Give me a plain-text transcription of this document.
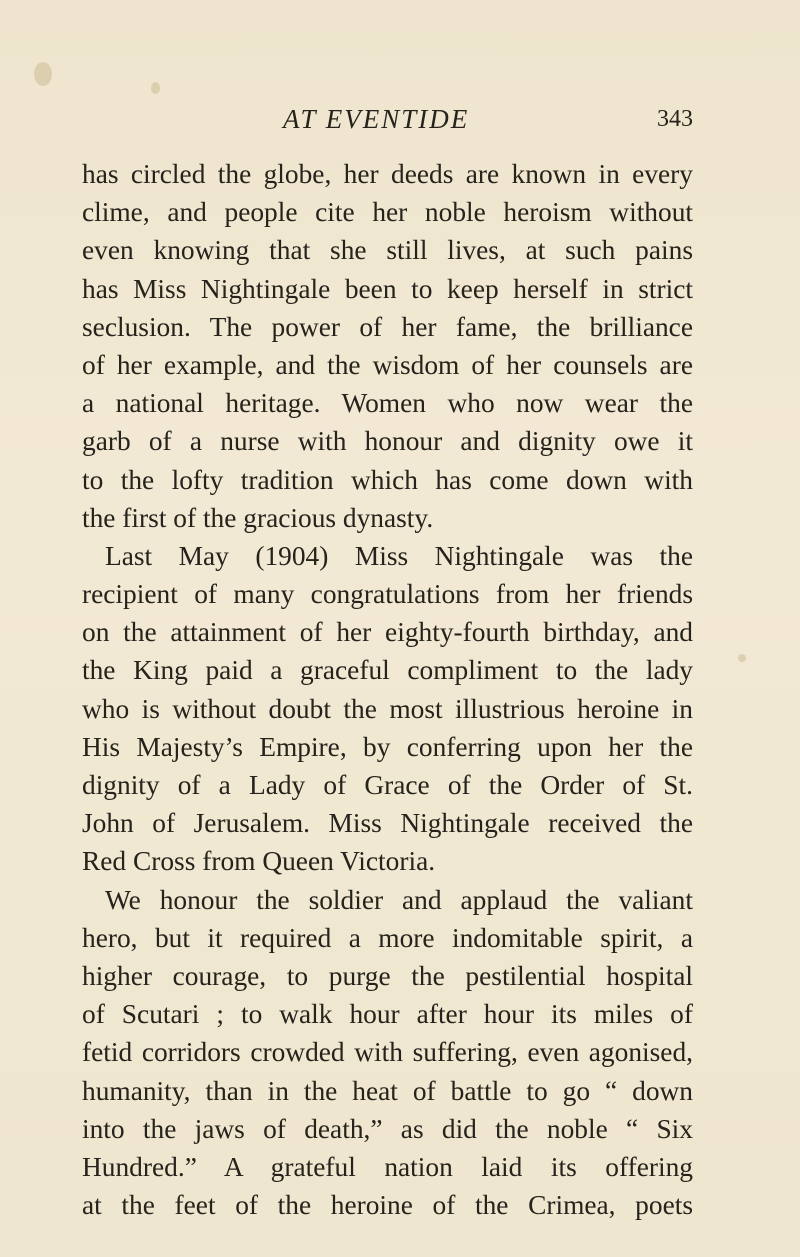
AT EVENTIDE	343
has circled the globe, her deeds are known in every
clime, and people cite her noble heroism without
even knowing that she still lives, at such pains
has Miss Nightingale been to keep herself in strict
seclusion. The power of her fame, the brilliance
of her example, and the wisdom of her counsels are
a national heritage. Women who now wear the
garb of a nurse with honour and dignity owe it
to the lofty tradition which has come down with
the first of the gracious dynasty.
Last May (1904) Miss Nightingale was the
recipient of many congratulations from her friends
on the attainment of her eighty-fourth birthday, and
the King paid a graceful compliment to the lady
who is without doubt the most illustrious heroine in
His Majesty’s Empire, by conferring upon her the
dignity of a Lady of Grace of the Order of St.
John of Jerusalem. Miss Nightingale received the
Red Cross from Queen Victoria.
We honour the soldier and applaud the valiant
hero, but it required a more indomitable spirit, a
higher courage, to purge the pestilential hospital
of Scutari ; to walk hour after hour its miles of
fetid corridors crowded with suffering, even agonised,
humanity, than in the heat of battle to go “ down
into the jaws of death,” as did the noble “ Six
Hundred.” A grateful nation laid its offering
at the feet of the heroine of the Crimea, poets
